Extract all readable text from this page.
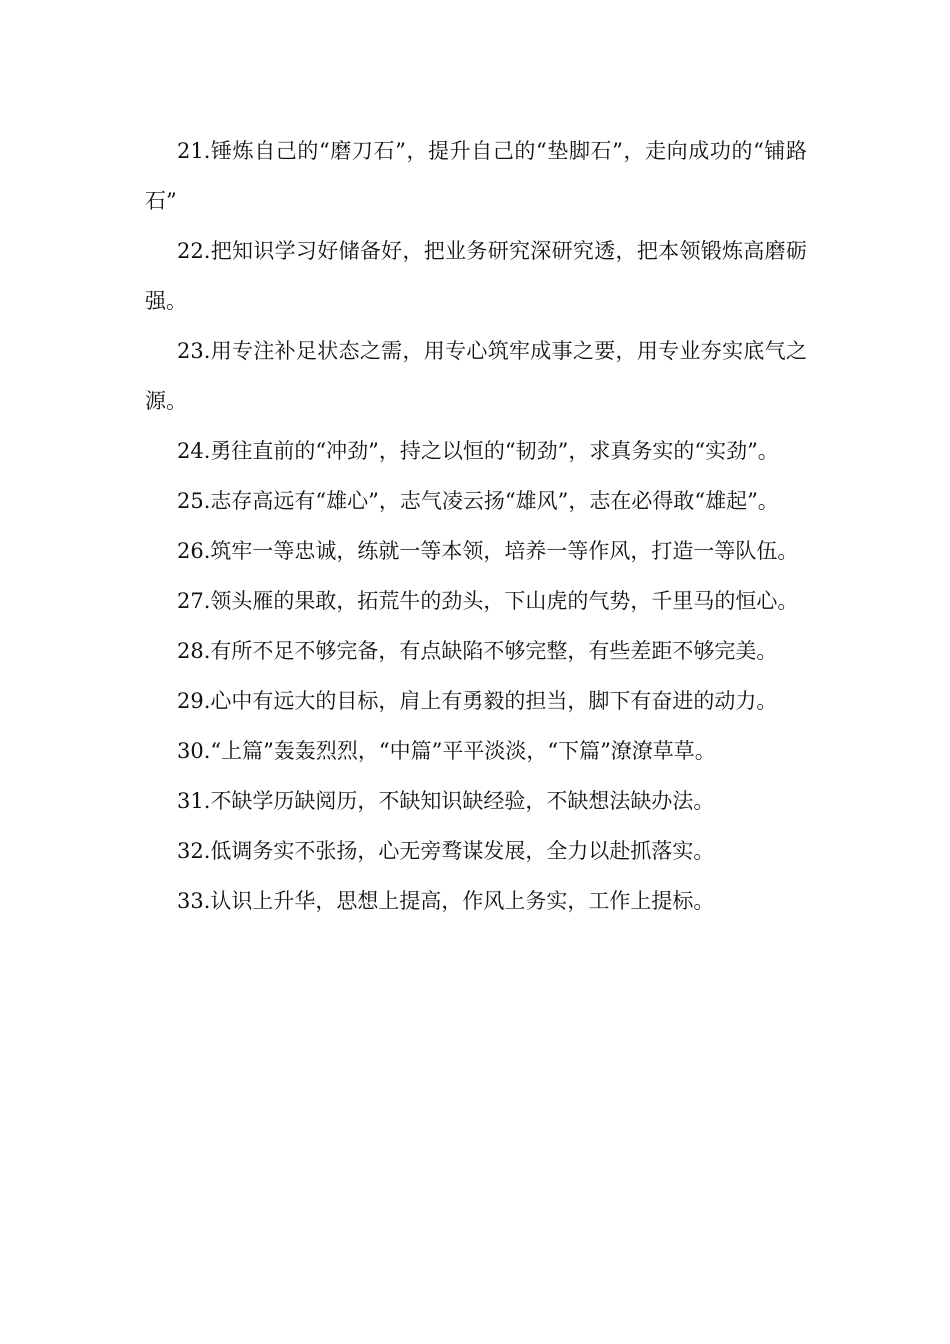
21.锤炼自己的“磨刀石”，提升自己的“垫脚石”，走向成功的“铺路石”

22.把知识学习好储备好，把业务研究深研究透，把本领锻炼高磨砺强。

23.用专注补足状态之需，用专心筑牢成事之要，用专业夯实底气之源。

24.勇往直前的“冲劲”，持之以恒的“韧劲”，求真务实的“实劲”。

25.志存高远有“雄心”，志气凌云扬“雄风”，志在必得敢“雄起”。

26.筑牢一等忠诚，练就一等本领，培养一等作风，打造一等队伍。

27.领头雁的果敢，拓荒牛的劲头，下山虎的气势，千里马的恒心。

28.有所不足不够完备，有点缺陷不够完整，有些差距不够完美。

29.心中有远大的目标，肩上有勇毅的担当，脚下有奋进的动力。

30.“上篇”轰轰烈烈，“中篇”平平淡淡，“下篇”潦潦草草。

31.不缺学历缺阅历，不缺知识缺经验，不缺想法缺办法。

32.低调务实不张扬，心无旁骛谋发展，全力以赴抓落实。

33.认识上升华，思想上提高，作风上务实，工作上提标。
